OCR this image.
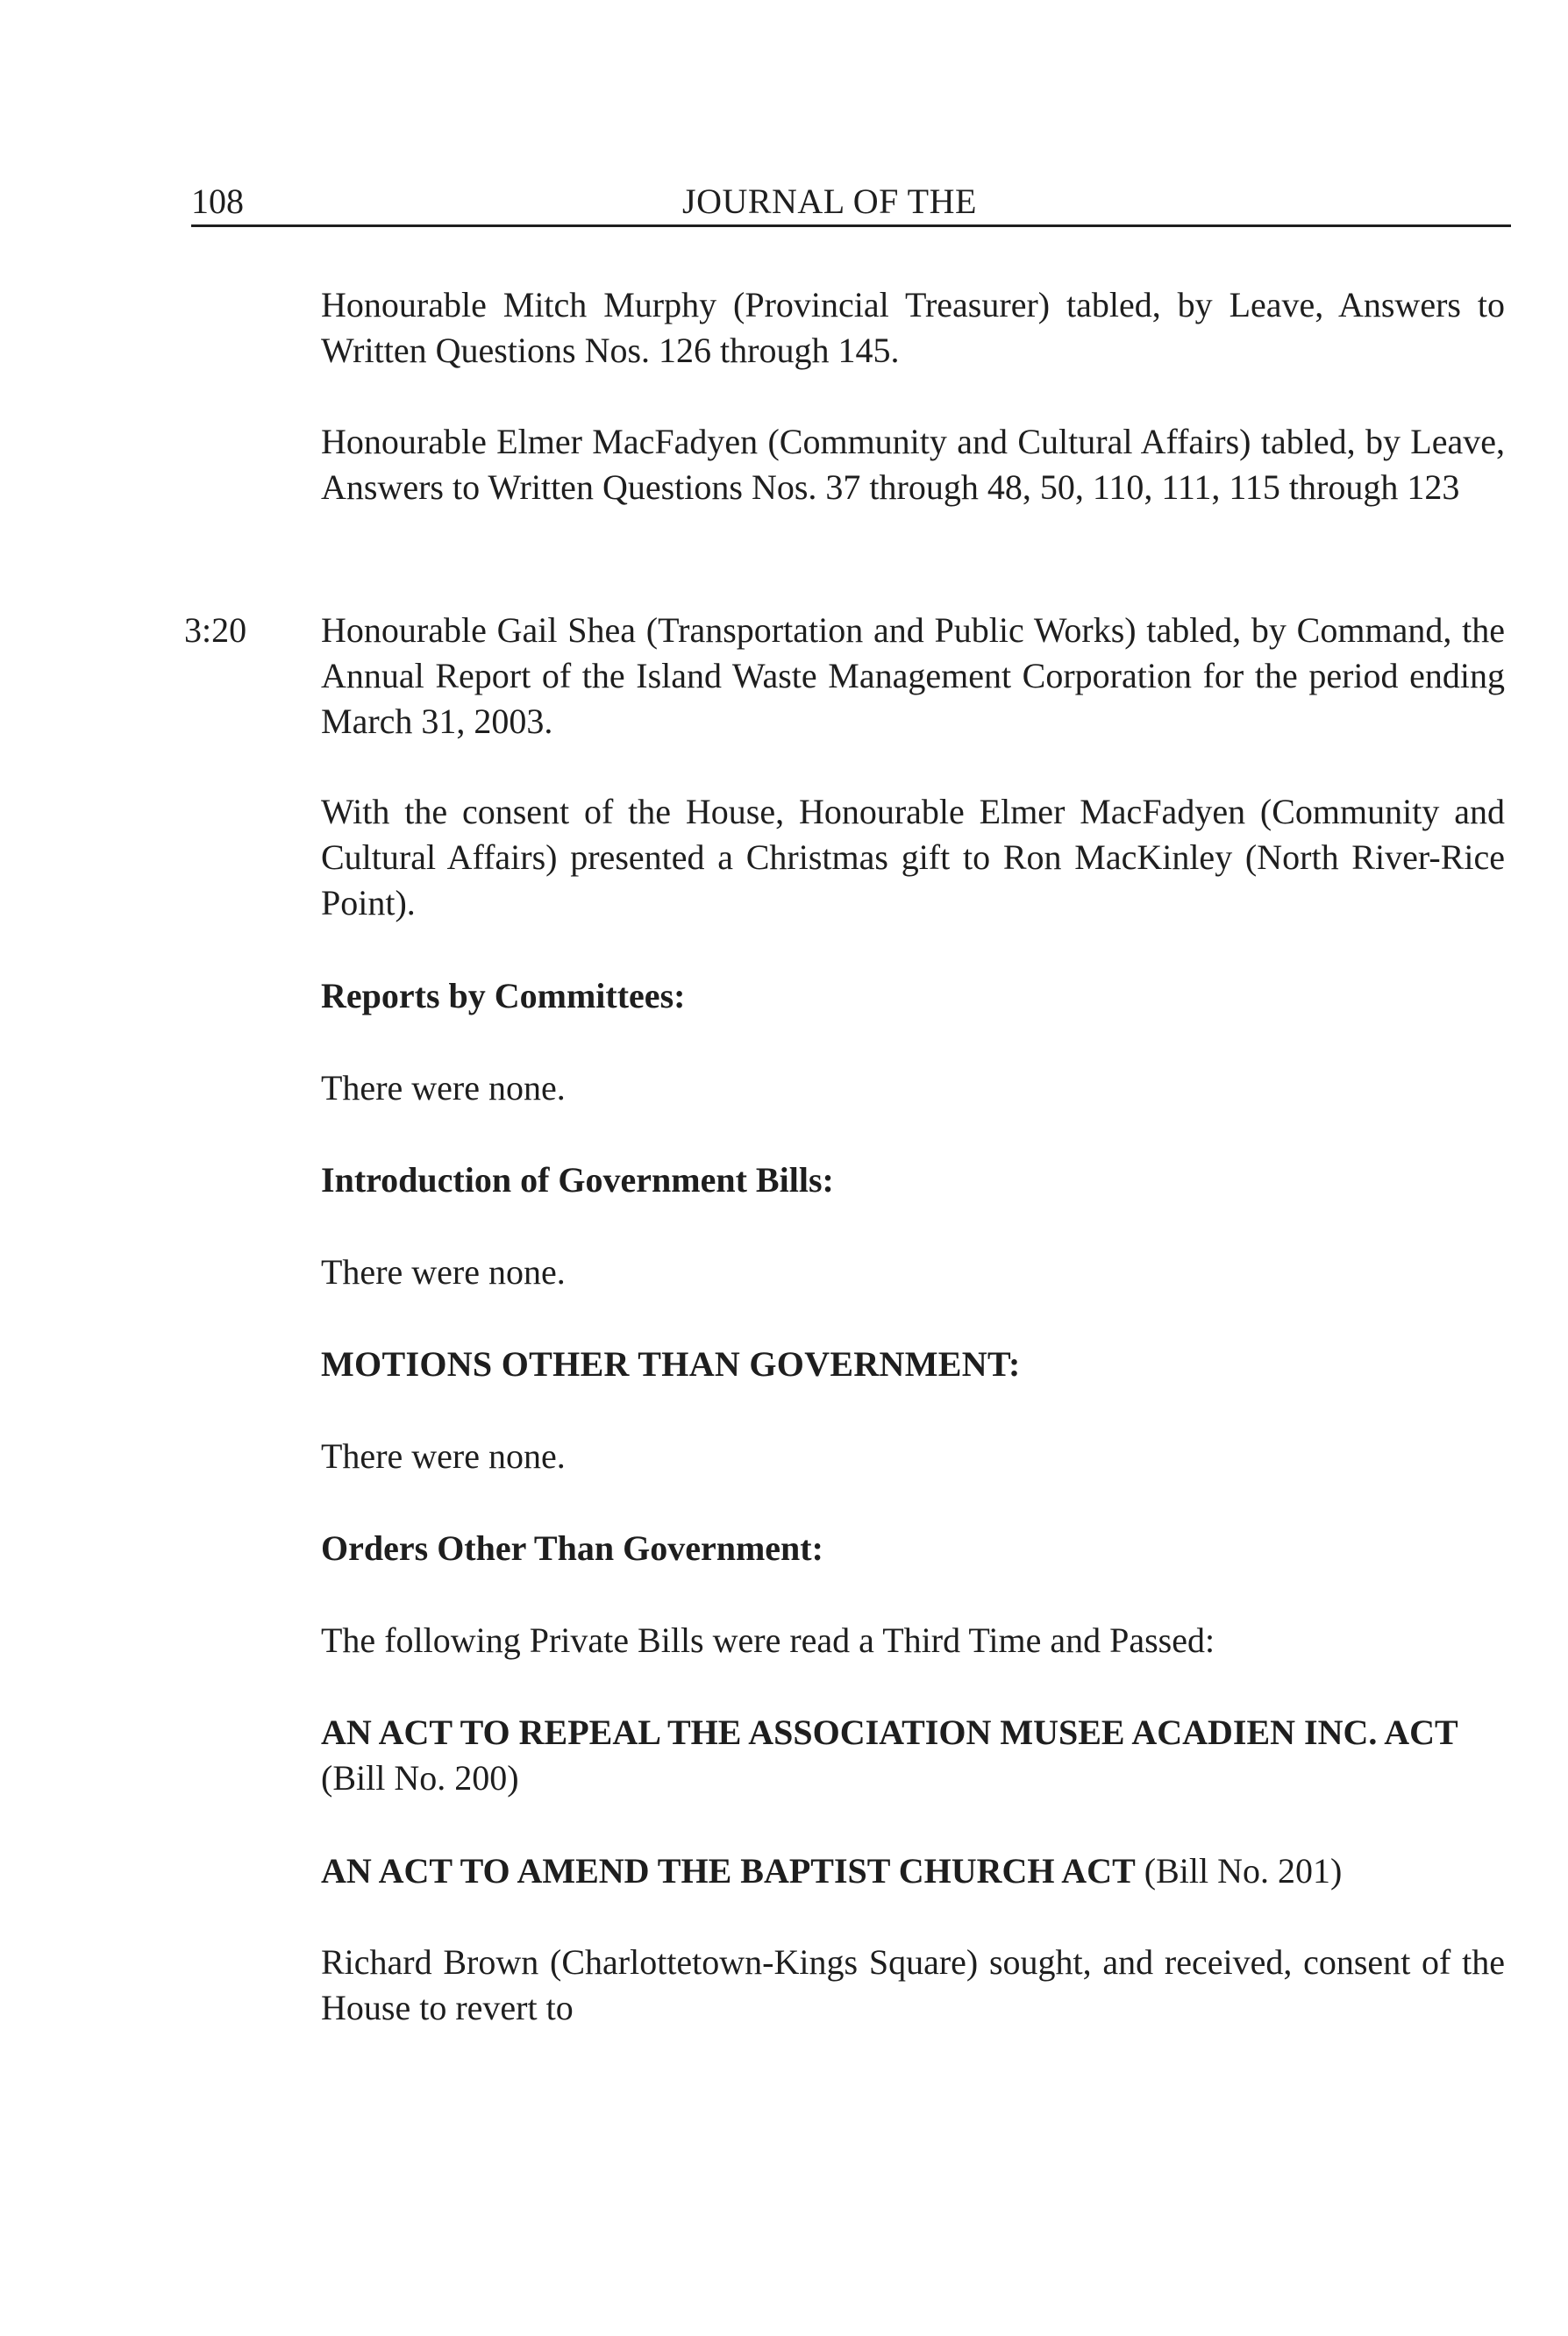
108	JOURNAL OF THE

Honourable Mitch Murphy (Provincial Treasurer) tabled, by Leave, Answers to Written Questions Nos. 126 through 145.

Honourable Elmer MacFadyen (Community and Cultural Affairs) tabled, by Leave, Answers to Written Questions Nos. 37 through 48, 50, 110, 111, 115 through 123

3:20 Honourable Gail Shea (Transportation and Public Works) tabled, by Command, the Annual Report of the Island Waste Management Corporation for the period ending March 31, 2003.

With the consent of the House, Honourable Elmer MacFadyen (Community and Cultural Affairs) presented a Christmas gift to Ron MacKinley (North River-Rice Point).

Reports by Committees:

There were none.

Introduction of Government Bills:

There were none.

MOTIONS OTHER THAN GOVERNMENT:

There were none.

Orders Other Than Government:

The following Private Bills were read a Third Time and Passed:

AN ACT TO REPEAL THE ASSOCIATION MUSEE ACADIEN INC. ACT (Bill No. 200)

AN ACT TO AMEND THE BAPTIST CHURCH ACT (Bill No. 201)

Richard Brown (Charlottetown-Kings Square) sought, and received, consent of the House to revert to
